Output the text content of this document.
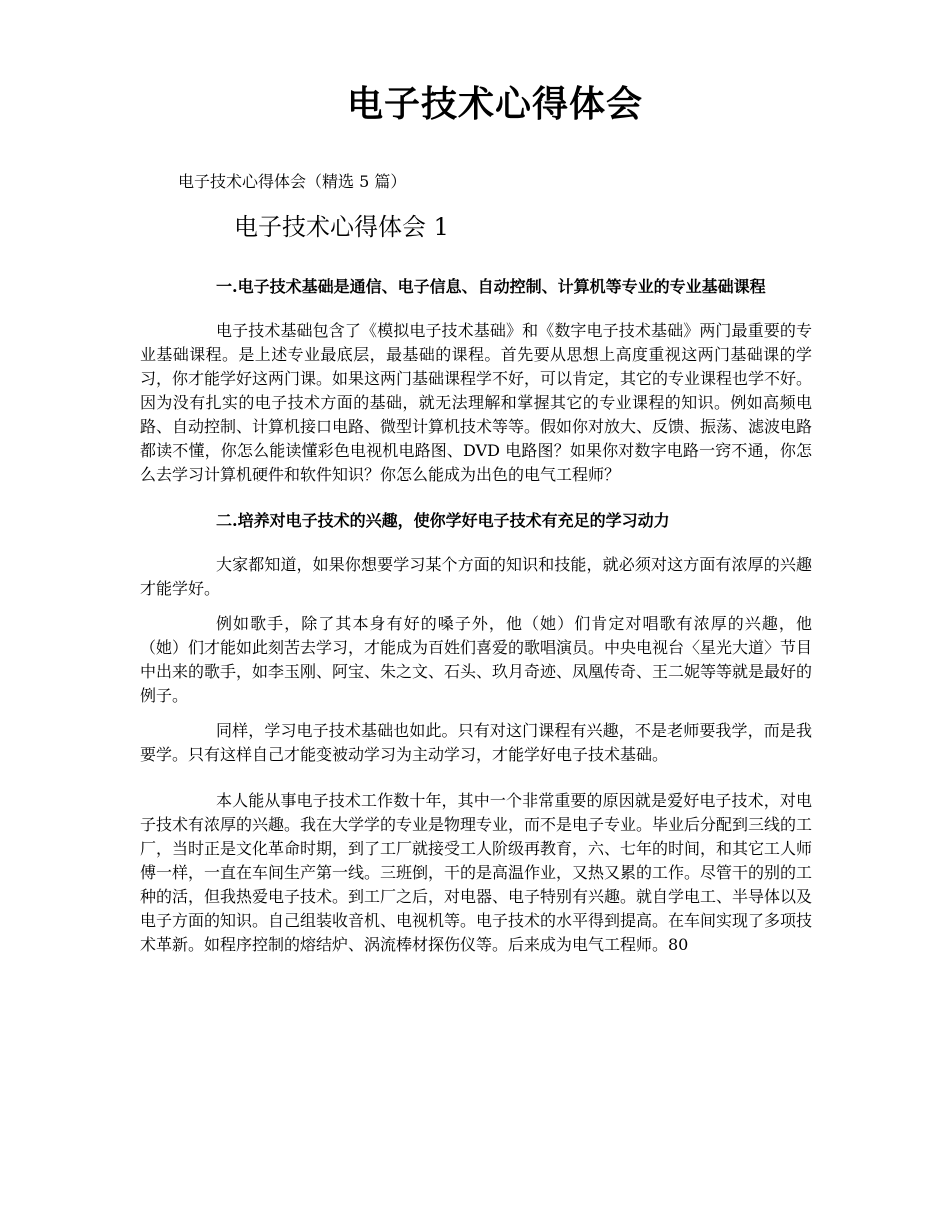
电子技术心得体会
电子技术心得体会（精选 5 篇）
电子技术心得体会 1

一.电子技术基础是通信、电子信息、自动控制、计算机等专业的专业基础课程

电子技术基础包含了《模拟电子技术基础》和《数字电子技术基础》两门最重要的专业基础课程。是上述专业最底层，最基础的课程。首先要从思想上高度重视这两门基础课的学习，你才能学好这两门课。如果这两门基础课程学不好，可以肯定，其它的专业课程也学不好。因为没有扎实的电子技术方面的基础，就无法理解和掌握其它的专业课程的知识。例如高频电路、自动控制、计算机接口电路、微型计算机技术等等。假如你对放大、反馈、振荡、滤波电路都读不懂，你怎么能读懂彩色电视机电路图、DVD 电路图？如果你对数字电路一窍不通，你怎么去学习计算机硬件和软件知识？你怎么能成为出色的电气工程师？

二.培养对电子技术的兴趣，使你学好电子技术有充足的学习动力

大家都知道，如果你想要学习某个方面的知识和技能，就必须对这方面有浓厚的兴趣才能学好。

例如歌手，除了其本身有好的嗓子外，他（她）们肯定对唱歌有浓厚的兴趣，他（她）们才能如此刻苦去学习，才能成为百姓们喜爱的歌唱演员。中央电视台〈星光大道〉节目中出来的歌手，如李玉刚、阿宝、朱之文、石头、玖月奇迹、凤凰传奇、王二妮等等就是最好的例子。

同样，学习电子技术基础也如此。只有对这门课程有兴趣，不是老师要我学，而是我要学。只有这样自己才能变被动学习为主动学习，才能学好电子技术基础。

本人能从事电子技术工作数十年，其中一个非常重要的原因就是爱好电子技术，对电子技术有浓厚的兴趣。我在大学学的专业是物理专业，而不是电子专业。毕业后分配到三线的工厂，当时正是文化革命时期，到了工厂就接受工人阶级再教育，六、七年的时间，和其它工人师傅一样，一直在车间生产第一线。三班倒，干的是高温作业，又热又累的工作。尽管干的别的工种的活，但我热爱电子技术。到工厂之后，对电器、电子特别有兴趣。就自学电工、半导体以及电子方面的知识。自己组装收音机、电视机等。电子技术的水平得到提高。在车间实现了多项技术革新。如程序控制的熔结炉、涡流棒材探伤仪等。后来成为电气工程师。80
